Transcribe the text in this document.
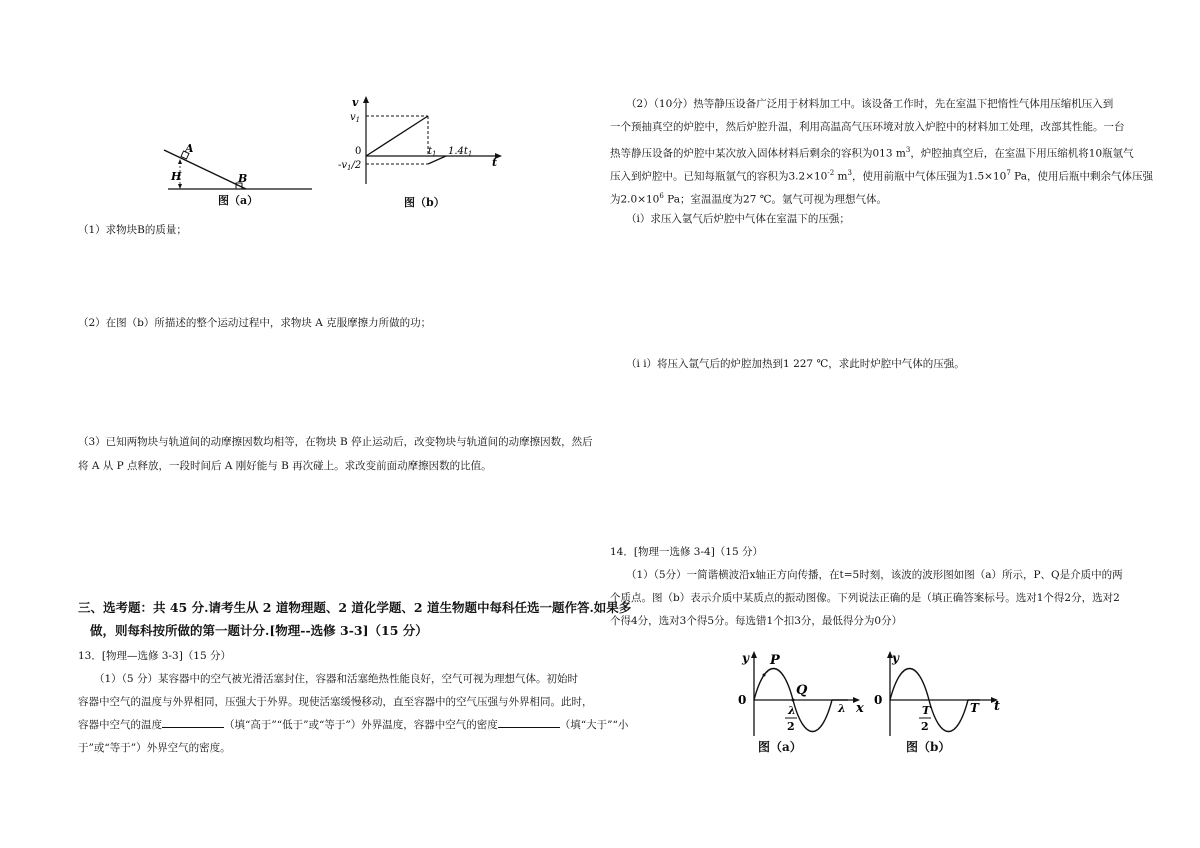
A
H	B
图（a）
v
$v_1$
0
$-v_1/2$
$t_1$ $1.4t_1$
t
图（b）
（1）求物块B的质量；
（2）在图（b）所描述的整个运动过程中，求物块 A 克服摩擦力所做的功；
（3）已知两物块与轨道间的动摩擦因数均相等，在物块 B 停止运动后，改变物块与轨道间的动摩擦因数，然后
将 A 从 P 点释放，一段时间后 A 刚好能与 B 再次碰上。求改变前面动摩擦因数的比值。
三、选考题：共 45 分.请考生从 2 道物理题、2 道化学题、2 道生物题中每科任选一题作答.如果多
做，则每科按所做的第一题计分.[物理--选修 3-3]（15 分）
13．[物理—选修 3-3]（15 分）
（1）（5 分）某容器中的空气被光滑活塞封住，容器和活塞绝热性能良好，空气可视为理想气体。初始时
容器中空气的温度与外界相同，压强大于外界。现使活塞缓慢移动，直至容器中的空气压强与外界相同。此时，
容器中空气的温度	（填“高于”“低于”或“等于”）外界温度，容器中空气的密度	（填“大于”“小
于”或“等于”）外界空气的密度。
（2）（10分）热等静压设备广泛用于材料加工中。该设备工作时，先在室温下把惰性气体用压缩机压入到
一个预抽真空的炉腔中，然后炉腔升温，利用高温高气压环境对放入炉腔中的材料加工处理，改部其性能。一台
热等静压设备的炉腔中某次放入固体材料后剩余的容积为013 $m^3$，炉腔抽真空后，在室温下用压缩机将10瓶氩气
压入到炉腔中。已知每瓶氩气的容积为$3.2\times 10^{-2}$ $m^3$，使用前瓶中气体压强为$1.5\times 10^7$ Pa，使用后瓶中剩余气体压强
为$2.0\times 10^6$ Pa；室温温度为27 ℃。氩气可视为理想气体。
（i）求压入氩气后炉腔中气体在室温下的压强；
（i i）将压入氩气后的炉腔加热到1 227 ℃，求此时炉腔中气体的压强。
14．[物理一选修 3-4]（15 分）
（1）（5分）一简谐横波沿x轴正方向传播，在t=5时刻，该波的波形图如图（a）所示，P、Q是介质中的两
个质点。图（b）表示介质中某质点的振动图像。下列说法正确的是（填正确答案标号。选对1个得2分，选对2
个得4分，选对3个得5分。每选错1个扣3分，最低得分为0分）
y P
Q
0
λ
2
λ x
图（a）
y
0
T
2
T t
图（b）
